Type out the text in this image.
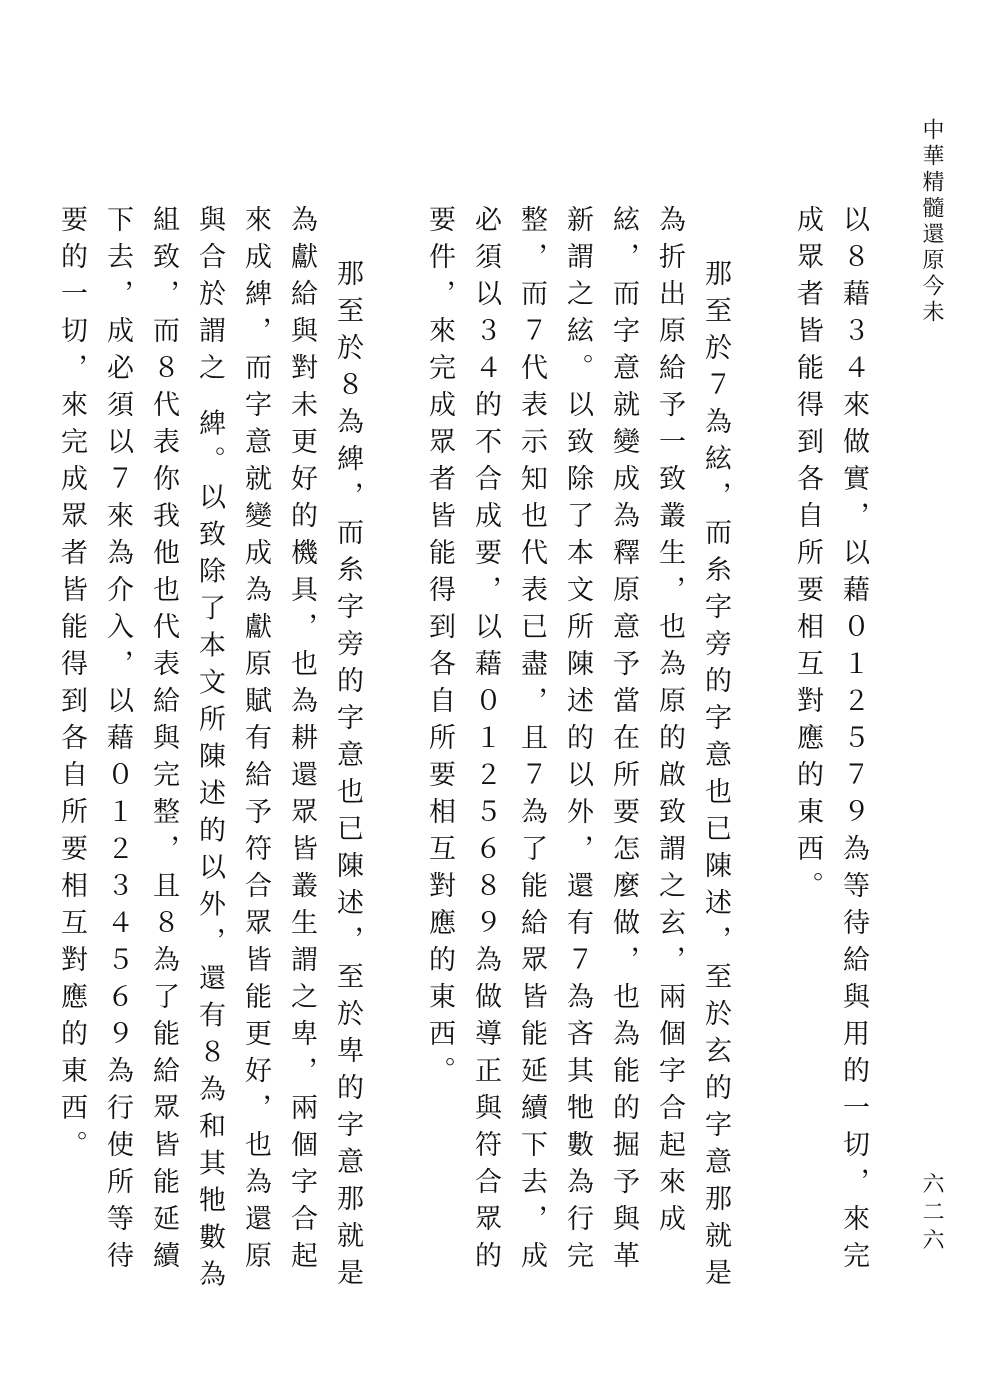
中華精髓還原今未

以８藉３４來做實，以藉０１２５７９為等待給與用的一切，來完成眾者皆能得到各自所要相互對應的東西。

那至於７為絃，而糸字旁的字意也已陳述，至於玄的字意那就是為折出原給予一致叢生，也為原的啟致謂之玄，兩個字合起來成絃，而字意就變成為釋原意予當在所要怎麼做，也為能的掘予與革新謂之絃。以致除了本文所陳述的以外，還有７為吝其牠數為行完整，而７代表示知也代表已盡，且７為了能給眾皆能延續下去，成必須以３４的不合成要，以藉０１２５６８９為做導正與符合眾的要件，來完成眾者皆能得到各自所要相互對應的東西。

那至於８為綼，而糸字旁的字意也已陳述，至於卑的字意那就是為獻給與對未更好的機具，也為耕還眾皆叢生謂之卑，兩個字合起來成綼，而字意就變成為獻原賦有給予符合眾皆能更好，也為還原與合於謂之 綼。以致除了本文所陳述的以外，還有８為和其牠數為組致，而８代表你我他也代表給與完整，且８為了能給眾皆能延續下去，成必須以７來為介入，以藉０１２３４５６９為行使所等待要的一切，來完成眾者皆能得到各自所要相互對應的東西。

六二六
